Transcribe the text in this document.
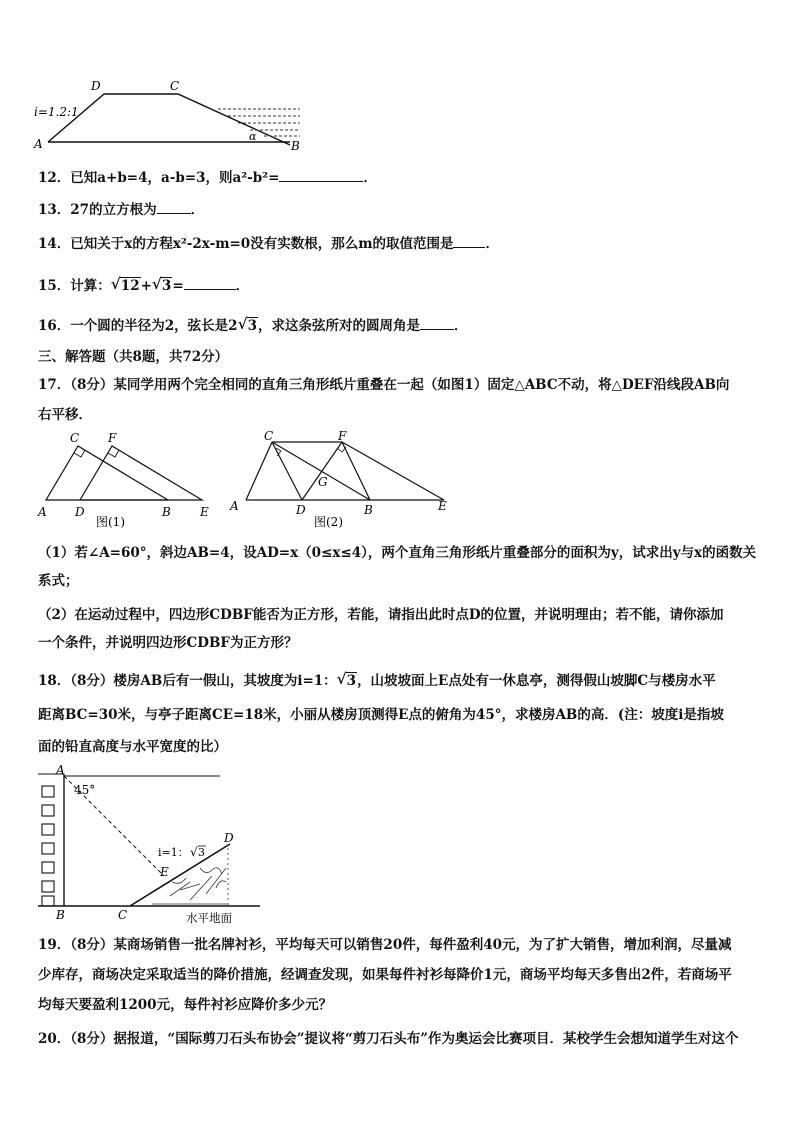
D	C
A	B
i=1.2:1
α
12．已知a+b=4，a-b=3，则a²-b²=	．
13．27的立方根为	．
14．已知关于x的方程x²-2x-m=0没有实数根，那么m的取值范围是 ．
15．计算： √ 12+ √ 3=	．
16．一个圆的半径为2，弦长是2 √ 3，求这条弦所对的圆周角是	．
三、解答题（共8题，共72分）
17．（8分）某同学用两个完全相同的直角三角形纸片重叠在一起（如图1）固定△ABC不动，将△DEF沿线段AB向
右平移．
C F
A D	B E
图(1)
C	F
G
A	D	B	E
图(2)
（1）若∠A=60°，斜边AB=4，设AD=x（0≤x≤4），两个直角三角形纸片重叠部分的面积为y，试求出y与x的函数关
系式；
（2）在运动过程中，四边形CDBF能否为正方形，若能，请指出此时点D的位置，并说明理由；若不能，请你添加
一个条件，并说明四边形CDBF为正方形？
18．（8分）楼房AB后有一假山，其坡度为i=1： √ 3，山坡坡面上E点处有一休息亭，测得假山坡脚C与楼房水平
距离BC=30米，与亭子距离CE=18米，小丽从楼房顶测得E点的俯角为45°，求楼房AB的高．(注：坡度i是指坡
面的铅直高度与水平宽度的比）
A
45°
B	C
D
E
i=1： √ 3
水平地面
19．（8分）某商场销售一批名牌衬衫，平均每天可以销售20件，每件盈利40元，为了扩大销售，增加利润，尽量减
少库存，商场决定采取适当的降价措施，经调查发现，如果每件衬衫每降价1元，商场平均每天多售出2件，若商场平
均每天要盈利1200元，每件衬衫应降价多少元？
20．（8分）据报道，“国际剪刀石头布协会”提议将“剪刀石头布”作为奥运会比赛项目．某校学生会想知道学生对这个
